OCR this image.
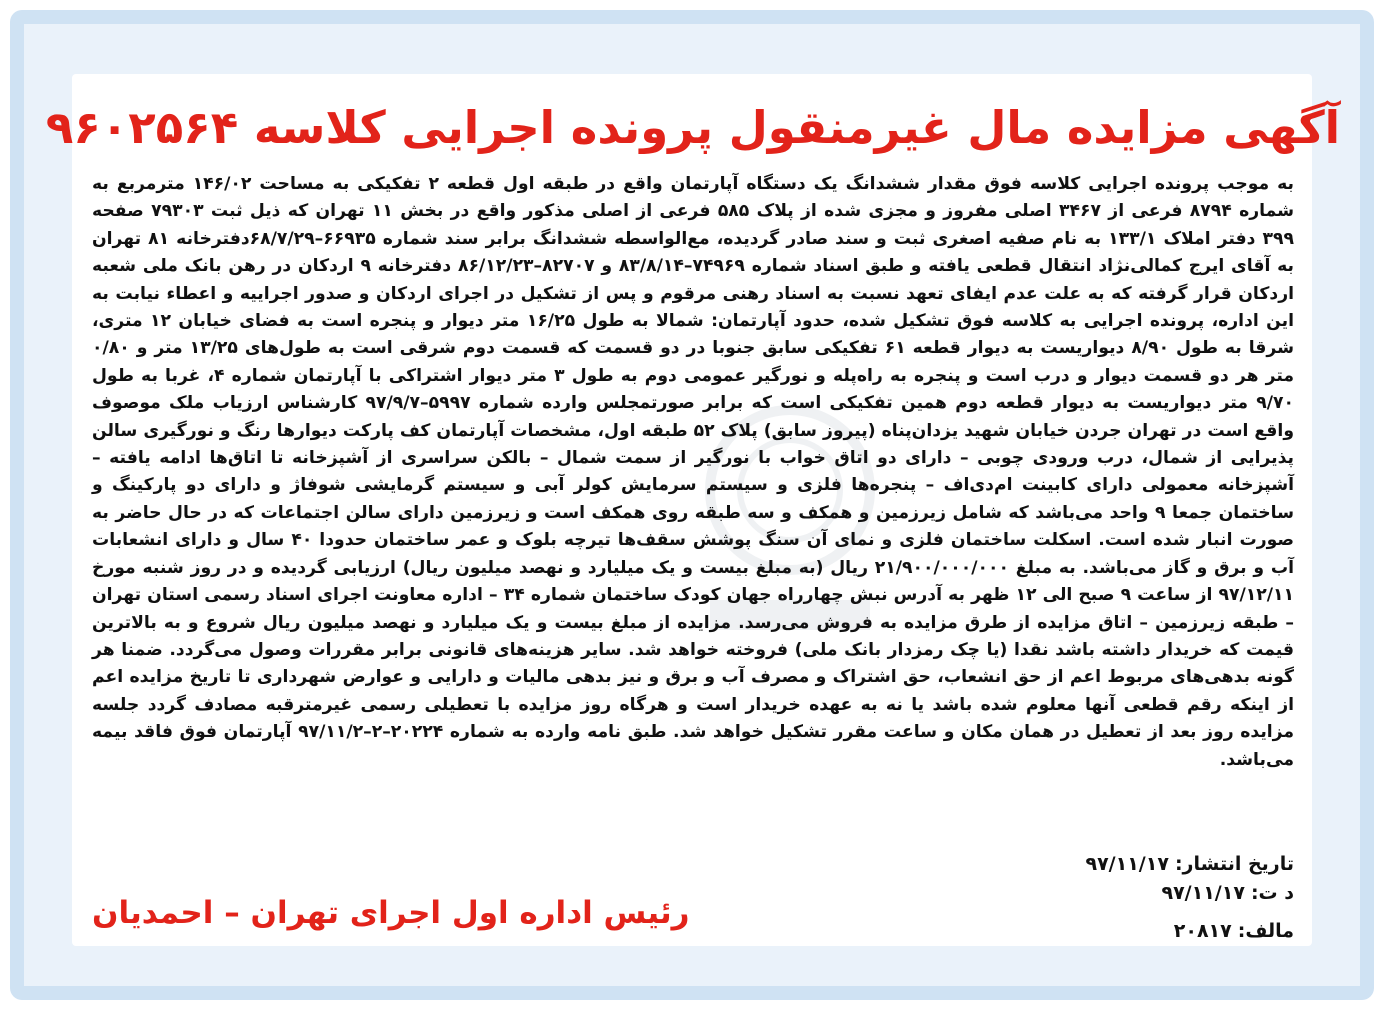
آگهی مزایده مال غیرمنقول پرونده اجرایی کلاسه ۹۶۰۲۵۶۴
به موجب پرونده اجرایی کلاسه فوق مقدار ششدانگ یک دستگاه آپارتمان واقع در طبقه اول قطعه ۲ تفکیکی به مساحت ۱۴۶/۰۲ مترمربع به شماره ۸۷۹۴ فرعی از ۳۴۶۷ اصلی مفروز و مجزی شده از پلاک ۵۸۵ فرعی از اصلی مذکور واقع در بخش ۱۱ تهران که ذیل ثبت ۷۹۳۰۳ صفحه ۳۹۹ دفتر املاک ۱۳۳/۱ به نام صفیه اصغری ثبت و سند صادر گردیده، مع‌الواسطه ششدانگ برابر سند شماره ۶۶۹۳۵–۶۸/۷/۲۹دفترخانه ۸۱ تهران به آقای ایرج کمالی‌نژاد انتقال قطعی یافته و طبق اسناد شماره ۷۴۹۶۹–۸۳/۸/۱۴ و ۸۲۷۰۷–۸۶/۱۲/۲۳ دفترخانه ۹ اردکان در رهن بانک ملی شعبه اردکان قرار گرفته که به علت عدم ایفای تعهد نسبت به اسناد رهنی مرقوم و پس از تشکیل در اجرای اردکان و صدور اجراییه و اعطاء نیابت به این اداره، پرونده اجرایی به کلاسه فوق تشکیل شده، حدود آپارتمان: شمالا به طول ۱۶/۲۵ متر دیوار و پنجره است به فضای خیابان ۱۲ متری، شرقا به طول ۸/۹۰ دیواریست به دیوار قطعه ۶۱ تفکیکی سابق جنوبا در دو قسمت که قسمت دوم شرقی است به طول‌های ۱۳/۲۵ متر و ۰/۸۰ متر هر دو قسمت دیوار و درب است و پنجره به راه‌پله و نورگیر عمومی دوم به طول ۳ متر دیوار اشتراکی با آپارتمان شماره ۴، غربا به طول ۹/۷۰ متر دیواریست به دیوار قطعه دوم همین تفکیکی است که برابر صورتمجلس وارده شماره ۵۹۹۷–۹۷/۹/۷ کارشناس ارزیاب ملک موصوف واقع است در تهران جردن خیابان شهید یزدان‌پناه (پیروز سابق) پلاک ۵۲ طبقه اول، مشخصات آپارتمان کف پارکت دیوارها رنگ و نورگیری سالن پذیرایی از شمال، درب ورودی چوبی – دارای دو اتاق خواب با نورگیر از سمت شمال – بالکن سراسری از آشپزخانه تا اتاق‌ها ادامه یافته – آشپزخانه معمولی دارای کابینت ام‌دی‌اف – پنجره‌ها فلزی و سیستم سرمایش کولر آبی و سیستم گرمایشی شوفاژ و دارای دو پارکینگ و ساختمان جمعا ۹ واحد می‌باشد که شامل زیرزمین و همکف و سه طبقه روی همکف است و زیرزمین دارای سالن اجتماعات که در حال حاضر به صورت انبار شده است. اسکلت ساختمان فلزی و نمای آن سنگ پوشش سقف‌ها تیرچه بلوک و عمر ساختمان حدودا ۴۰ سال و دارای انشعابات آب و برق و گاز می‌باشد. به مبلغ ۲۱/۹۰۰/۰۰۰/۰۰۰ ریال (به مبلغ بیست و یک میلیارد و نهصد میلیون ریال) ارزیابی گردیده و در روز شنبه مورخ ۹۷/۱۲/۱۱ از ساعت ۹ صبح الی ۱۲ ظهر به آدرس نبش چهارراه جهان کودک ساختمان شماره ۳۴ – اداره معاونت اجرای اسناد رسمی استان تهران – طبقه زیرزمین – اتاق مزایده از طرق مزایده به فروش می‌رسد. مزایده از مبلغ بیست و یک میلیارد و نهصد میلیون ریال شروع و به بالاترین قیمت که خریدار داشته باشد نقدا (یا چک رمزدار بانک ملی) فروخته خواهد شد. سایر هزینه‌های قانونی برابر مقررات وصول می‌گردد. ضمنا هر گونه بدهی‌های مربوط اعم از حق انشعاب، حق اشتراک و مصرف آب و برق و نیز بدهی مالیات و دارایی و عوارض شهرداری تا تاریخ مزایده اعم از اینکه رقم قطعی آنها معلوم شده باشد یا نه به عهده خریدار است و هرگاه روز مزایده با تعطیلی رسمی غیرمترقبه مصادف گردد جلسه مزایده روز بعد از تعطیل در همان مکان و ساعت مقرر تشکیل خواهد شد. طبق نامه وارده به شماره ۲۰۲۲۴–۲–۹۷/۱۱/۲ آپارتمان فوق فاقد بیمه می‌باشد.
تاریخ انتشار:۹۷/۱۱/۱۷
د ت:۹۷/۱۱/۱۷
مالف:۲۰۸۱۷
رئیس اداره اول اجرای تهران – احمدیان
